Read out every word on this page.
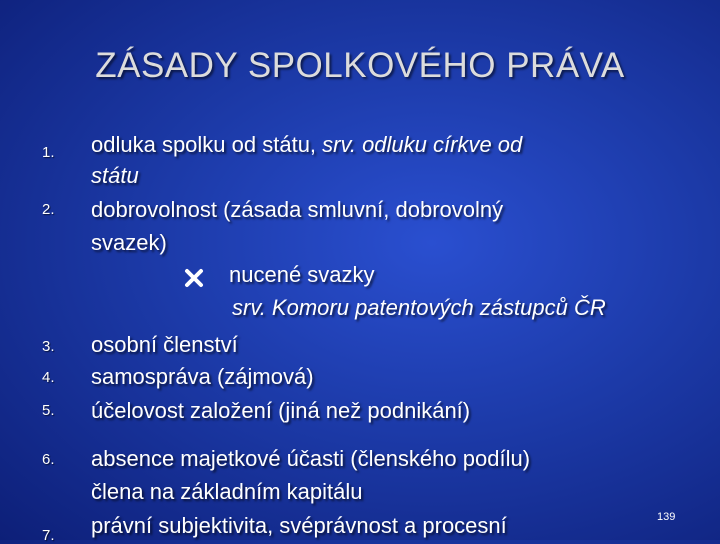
ZÁSADY SPOLKOVÉHO PRÁVA
1. odluka spolku od státu, srv. odluku církve od
státu
2. dobrovolnost (zásada smluvní, dobrovolný
svazek)
nucené svazky
srv. Komoru patentových zástupců ČR
3. osobní členství
4. samospráva (zájmová)
5. účelovost založení (jiná než podnikání)
6. absence majetkové účasti (členského podílu)
člena na základním kapitálu
7. právní subjektivita, svéprávnost a procesní	139
